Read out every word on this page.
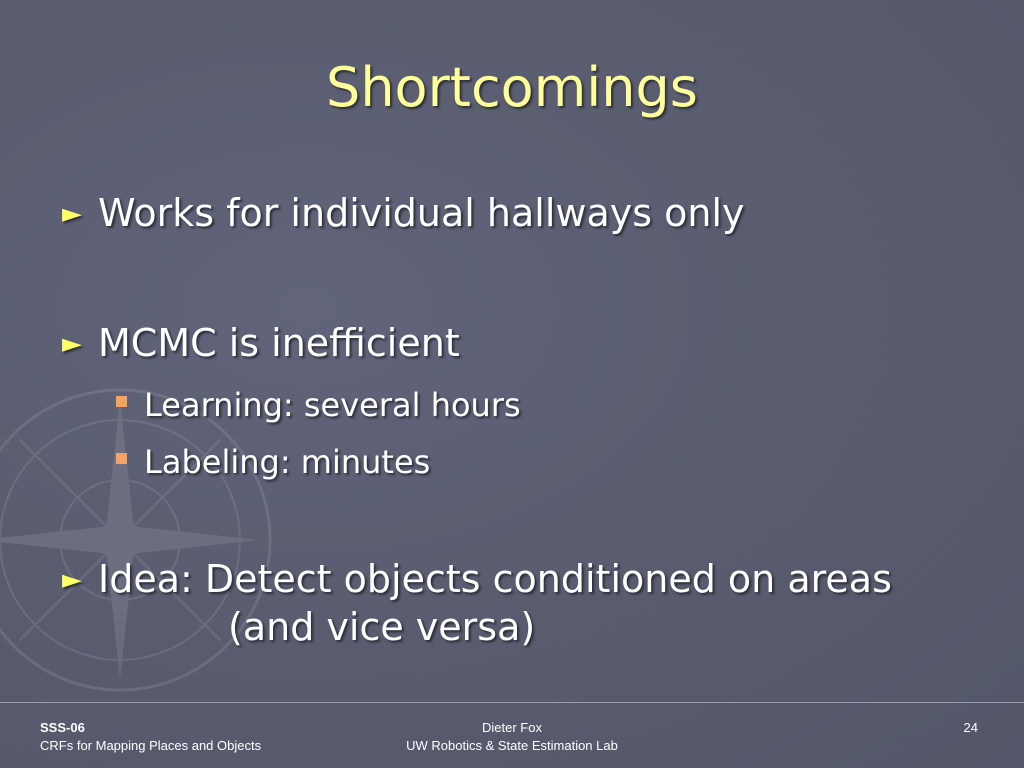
Shortcomings
► Works for individual hallways only
► MCMC is inefficient
Learning: several hours
Labeling: minutes
► Idea: Detect objects conditioned on areas
(and vice versa)
SSS-06
CRFs for Mapping Places and Objects
Dieter Fox
UW Robotics & State Estimation Lab
24
